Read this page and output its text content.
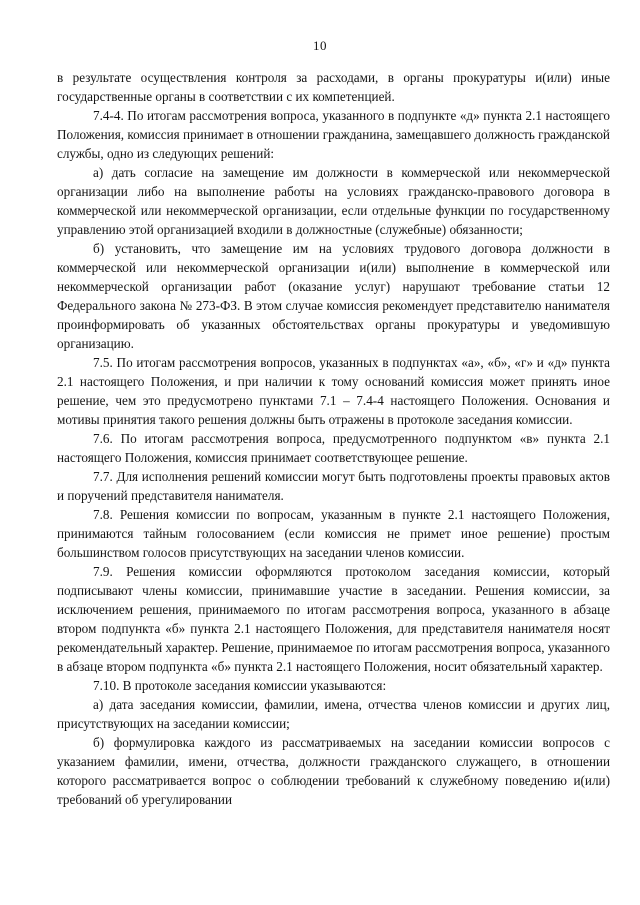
10

в результате осуществления контроля за расходами, в органы прокуратуры и(или) иные государственные органы в соответствии с их компетенцией.

7.4-4. По итогам рассмотрения вопроса, указанного в подпункте «д» пункта 2.1 настоящего Положения, комиссия принимает в отношении гражданина, замещавшего должность гражданской службы, одно из следующих решений:

а) дать согласие на замещение им должности в коммерческой или некоммерческой организации либо на выполнение работы на условиях гражданско-правового договора в коммерческой или некоммерческой организации, если отдельные функции по государственному управлению этой организацией входили в должностные (служебные) обязанности;

б) установить, что замещение им на условиях трудового договора должности в коммерческой или некоммерческой организации и(или) выполнение в коммерческой или некоммерческой организации работ (оказание услуг) нарушают требование статьи 12 Федерального закона № 273-ФЗ. В этом случае комиссия рекомендует представителю нанимателя проинформировать об указанных обстоятельствах органы прокуратуры и уведомившую организацию.

7.5. По итогам рассмотрения вопросов, указанных в подпунктах «а», «б», «г» и «д» пункта 2.1 настоящего Положения, и при наличии к тому оснований комиссия может принять иное решение, чем это предусмотрено пунктами 7.1 – 7.4-4 настоящего Положения. Основания и мотивы принятия такого решения должны быть отражены в протоколе заседания комиссии.

7.6. По итогам рассмотрения вопроса, предусмотренного подпунктом «в» пункта 2.1 настоящего Положения, комиссия принимает соответствующее решение.

7.7. Для исполнения решений комиссии могут быть подготовлены проекты правовых актов и поручений представителя нанимателя.

7.8. Решения комиссии по вопросам, указанным в пункте 2.1 настоящего Положения, принимаются тайным голосованием (если комиссия не примет иное решение) простым большинством голосов присутствующих на заседании членов комиссии.

7.9. Решения комиссии оформляются протоколом заседания комиссии, который подписывают члены комиссии, принимавшие участие в заседании. Решения комиссии, за исключением решения, принимаемого по итогам рассмотрения вопроса, указанного в абзаце втором подпункта «б» пункта 2.1 настоящего Положения, для представителя нанимателя носят рекомендательный характер. Решение, принимаемое по итогам рассмотрения вопроса, указанного в абзаце втором подпункта «б» пункта 2.1 настоящего Положения, носит обязательный характер.

7.10. В протоколе заседания комиссии указываются:

а) дата заседания комиссии, фамилии, имена, отчества членов комиссии и других лиц, присутствующих на заседании комиссии;

б) формулировка каждого из рассматриваемых на заседании комиссии вопросов с указанием фамилии, имени, отчества, должности гражданского служащего, в отношении которого рассматривается вопрос о соблюдении требований к служебному поведению и(или) требований об урегулировании
